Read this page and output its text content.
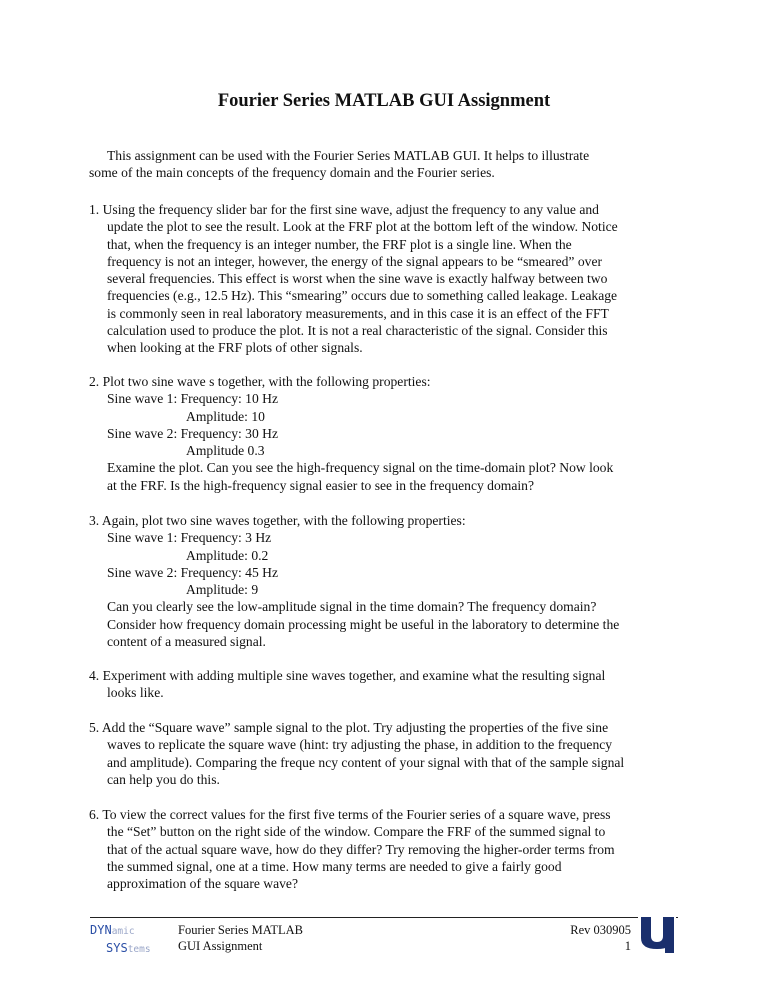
Fourier Series MATLAB GUI Assignment
This assignment can be used with the Fourier Series MATLAB GUI. It helps to illustrate
some of the main concepts of the frequency domain and the Fourier series.
1. Using the frequency slider bar for the first sine wave, adjust the frequency to any value and
update the plot to see the result. Look at the FRF plot at the bottom left of the window. Notice
that, when the frequency is an integer number, the FRF plot is a single line. When the
frequency is not an integer, however, the energy of the signal appears to be “smeared” over
several frequencies. This effect is worst when the sine wave is exactly halfway between two
frequencies (e.g., 12.5 Hz). This “smearing” occurs due to something called leakage. Leakage
is commonly seen in real laboratory measurements, and in this case it is an effect of the FFT
calculation used to produce the plot. It is not a real characteristic of the signal. Consider this
when looking at the FRF plots of other signals.
2. Plot two sine wave s together, with the following properties:
Sine wave 1: Frequency: 10 Hz
Amplitude: 10
Sine wave 2: Frequency: 30 Hz
Amplitude 0.3
Examine the plot. Can you see the high-frequency signal on the time-domain plot? Now look
at the FRF. Is the high-frequency signal easier to see in the frequency domain?
3. Again, plot two sine waves together, with the following properties:
Sine wave 1: Frequency: 3 Hz
Amplitude: 0.2
Sine wave 2: Frequency: 45 Hz
Amplitude: 9
Can you clearly see the low-amplitude signal in the time domain? The frequency domain?
Consider how frequency domain processing might be useful in the laboratory to determine the
content of a measured signal.
4. Experiment with adding multiple sine waves together, and examine what the resulting signal
looks like.
5. Add the “Square wave” sample signal to the plot. Try adjusting the properties of the five sine
waves to replicate the square wave (hint: try adjusting the phase, in addition to the frequency
and amplitude). Comparing the freque ncy content of your signal with that of the sample signal
can help you do this.
6. To view the correct values for the first five terms of the Fourier series of a square wave, press
the “Set” button on the right side of the window. Compare the FRF of the summed signal to
that of the actual square wave, how do they differ? Try removing the higher-order terms from
the summed signal, one at a time. How many terms are needed to give a fairly good
approximation of the square wave?
DYNamic
SYStems
Fourier Series MATLAB
GUI Assignment
Rev 030905
1
